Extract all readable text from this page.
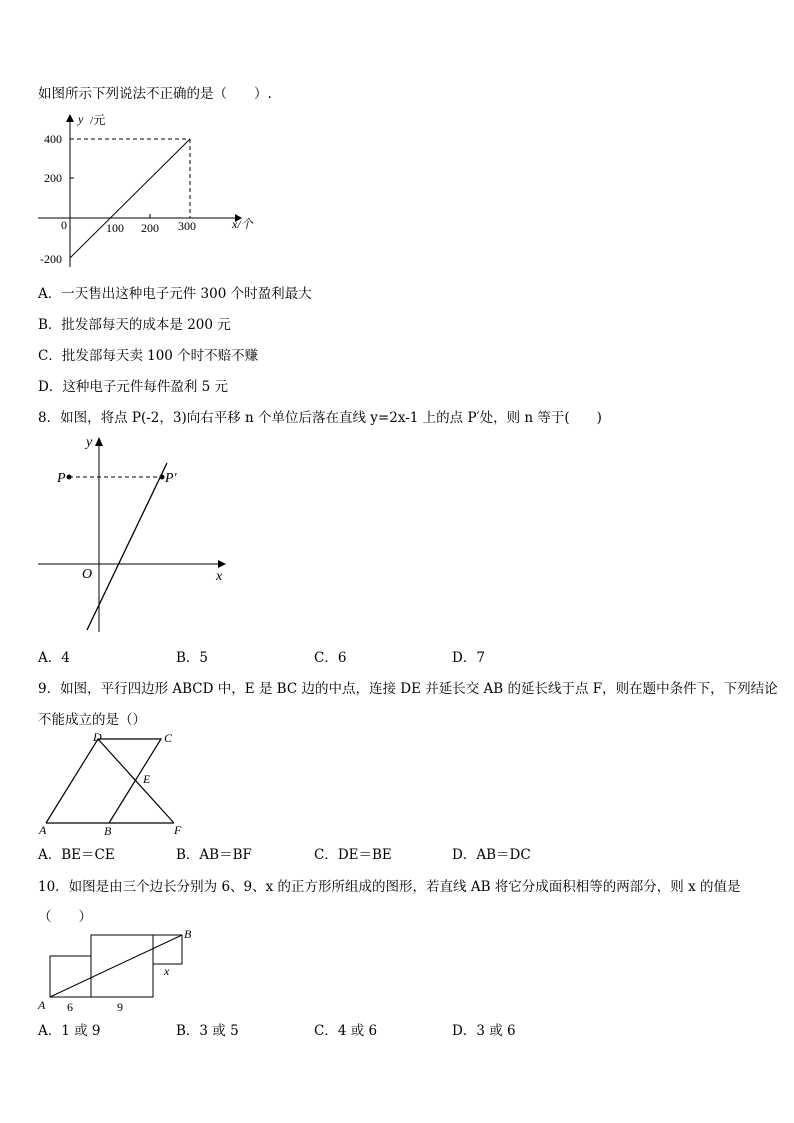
如图所示下列说法不正确的是（　　）.
y /元
400
200
-200
0	100 200 300	x/个
A．一天售出这种电子元件 300 个时盈利最大
B．批发部每天的成本是 200 元
C．批发部每天卖 100 个时不赔不赚
D．这种电子元件每件盈利 5 元
8．如图，将点 P(-2，3)向右平移 n 个单位后落在直线 y=2x-1 上的点 P′处，则 n 等于(　　)
P	P′
O	x
y
A．4	B．5	C．6	D．7
9．如图，平行四边形 ABCD 中，E 是 BC 边的中点，连接 DE 并延长交 AB 的延长线于点 F，则在题中条件下，下列结论
不能成立的是（）
D	C
E
A	B	F
A．BE＝CE	B．AB＝BF	C．DE＝BE	D．AB＝DC
10．如图是由三个边长分别为 6、9、x 的正方形所组成的图形，若直线 AB 将它分成面积相等的两部分，则 x 的值是
（　　）
A
B
6	9
x
A．1 或 9	B．3 或 5	C．4 或 6	D．3 或 6
